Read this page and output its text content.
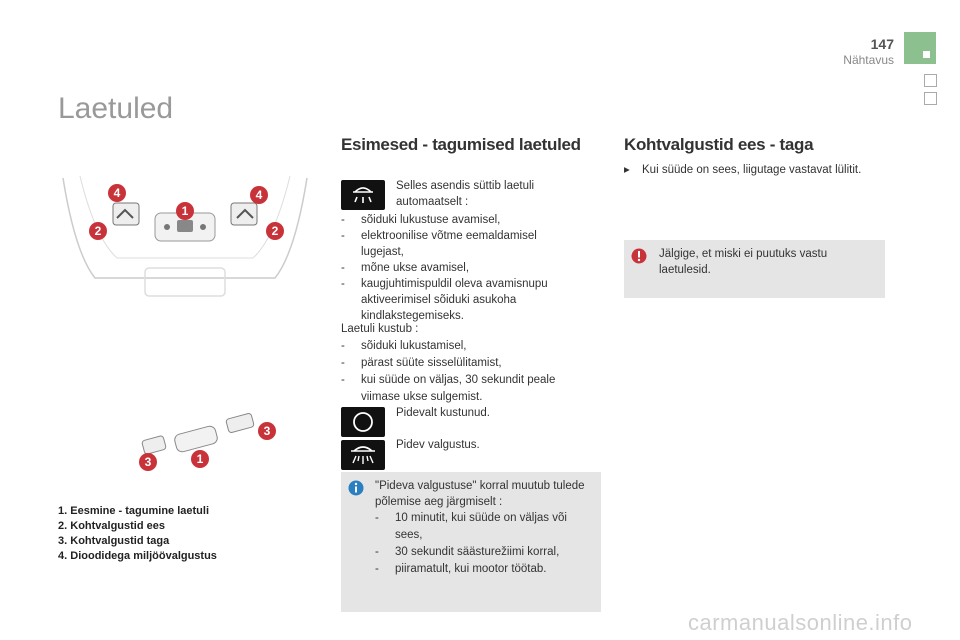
147
Nähtavus
Laetuled
4	4
1
2	2
3
3	1
1. Eesmine - tagumine laetuli
2. Kohtvalgustid ees
3. Kohtvalgustid taga
4. Dioodidega miljöövalgustus
Esimesed - tagumised laetuled
Selles asendis süttib laetuli automaatselt :
- sõiduki lukustuse avamisel,
- elektroonilise võtme eemaldamisel lugejast,
- mõne ukse avamisel,
- kaugjuhtimispuldil oleva avamisnupu aktiveerimisel sõiduki asukoha kindlakstegemiseks.
Laetuli kustub :
- sõiduki lukustamisel,
- pärast süüte sisselülitamist,
- kui süüde on väljas, 30 sekundit peale viimase ukse sulgemist.
Pidevalt kustunud.
Pidev valgustus.
"Pideva valgustuse" korral muutub tulede põlemise aeg järgmiselt :
- 10 minutit, kui süüde on väljas või sees,
- 30 sekundit säästurežiimi korral,
- piiramatult, kui mootor töötab.
Kohtvalgustid ees - taga
▸ Kui süüde on sees, liigutage vastavat lülitit.
Jälgige, et miski ei puutuks vastu laetulesid.
carmanualsonline.info
